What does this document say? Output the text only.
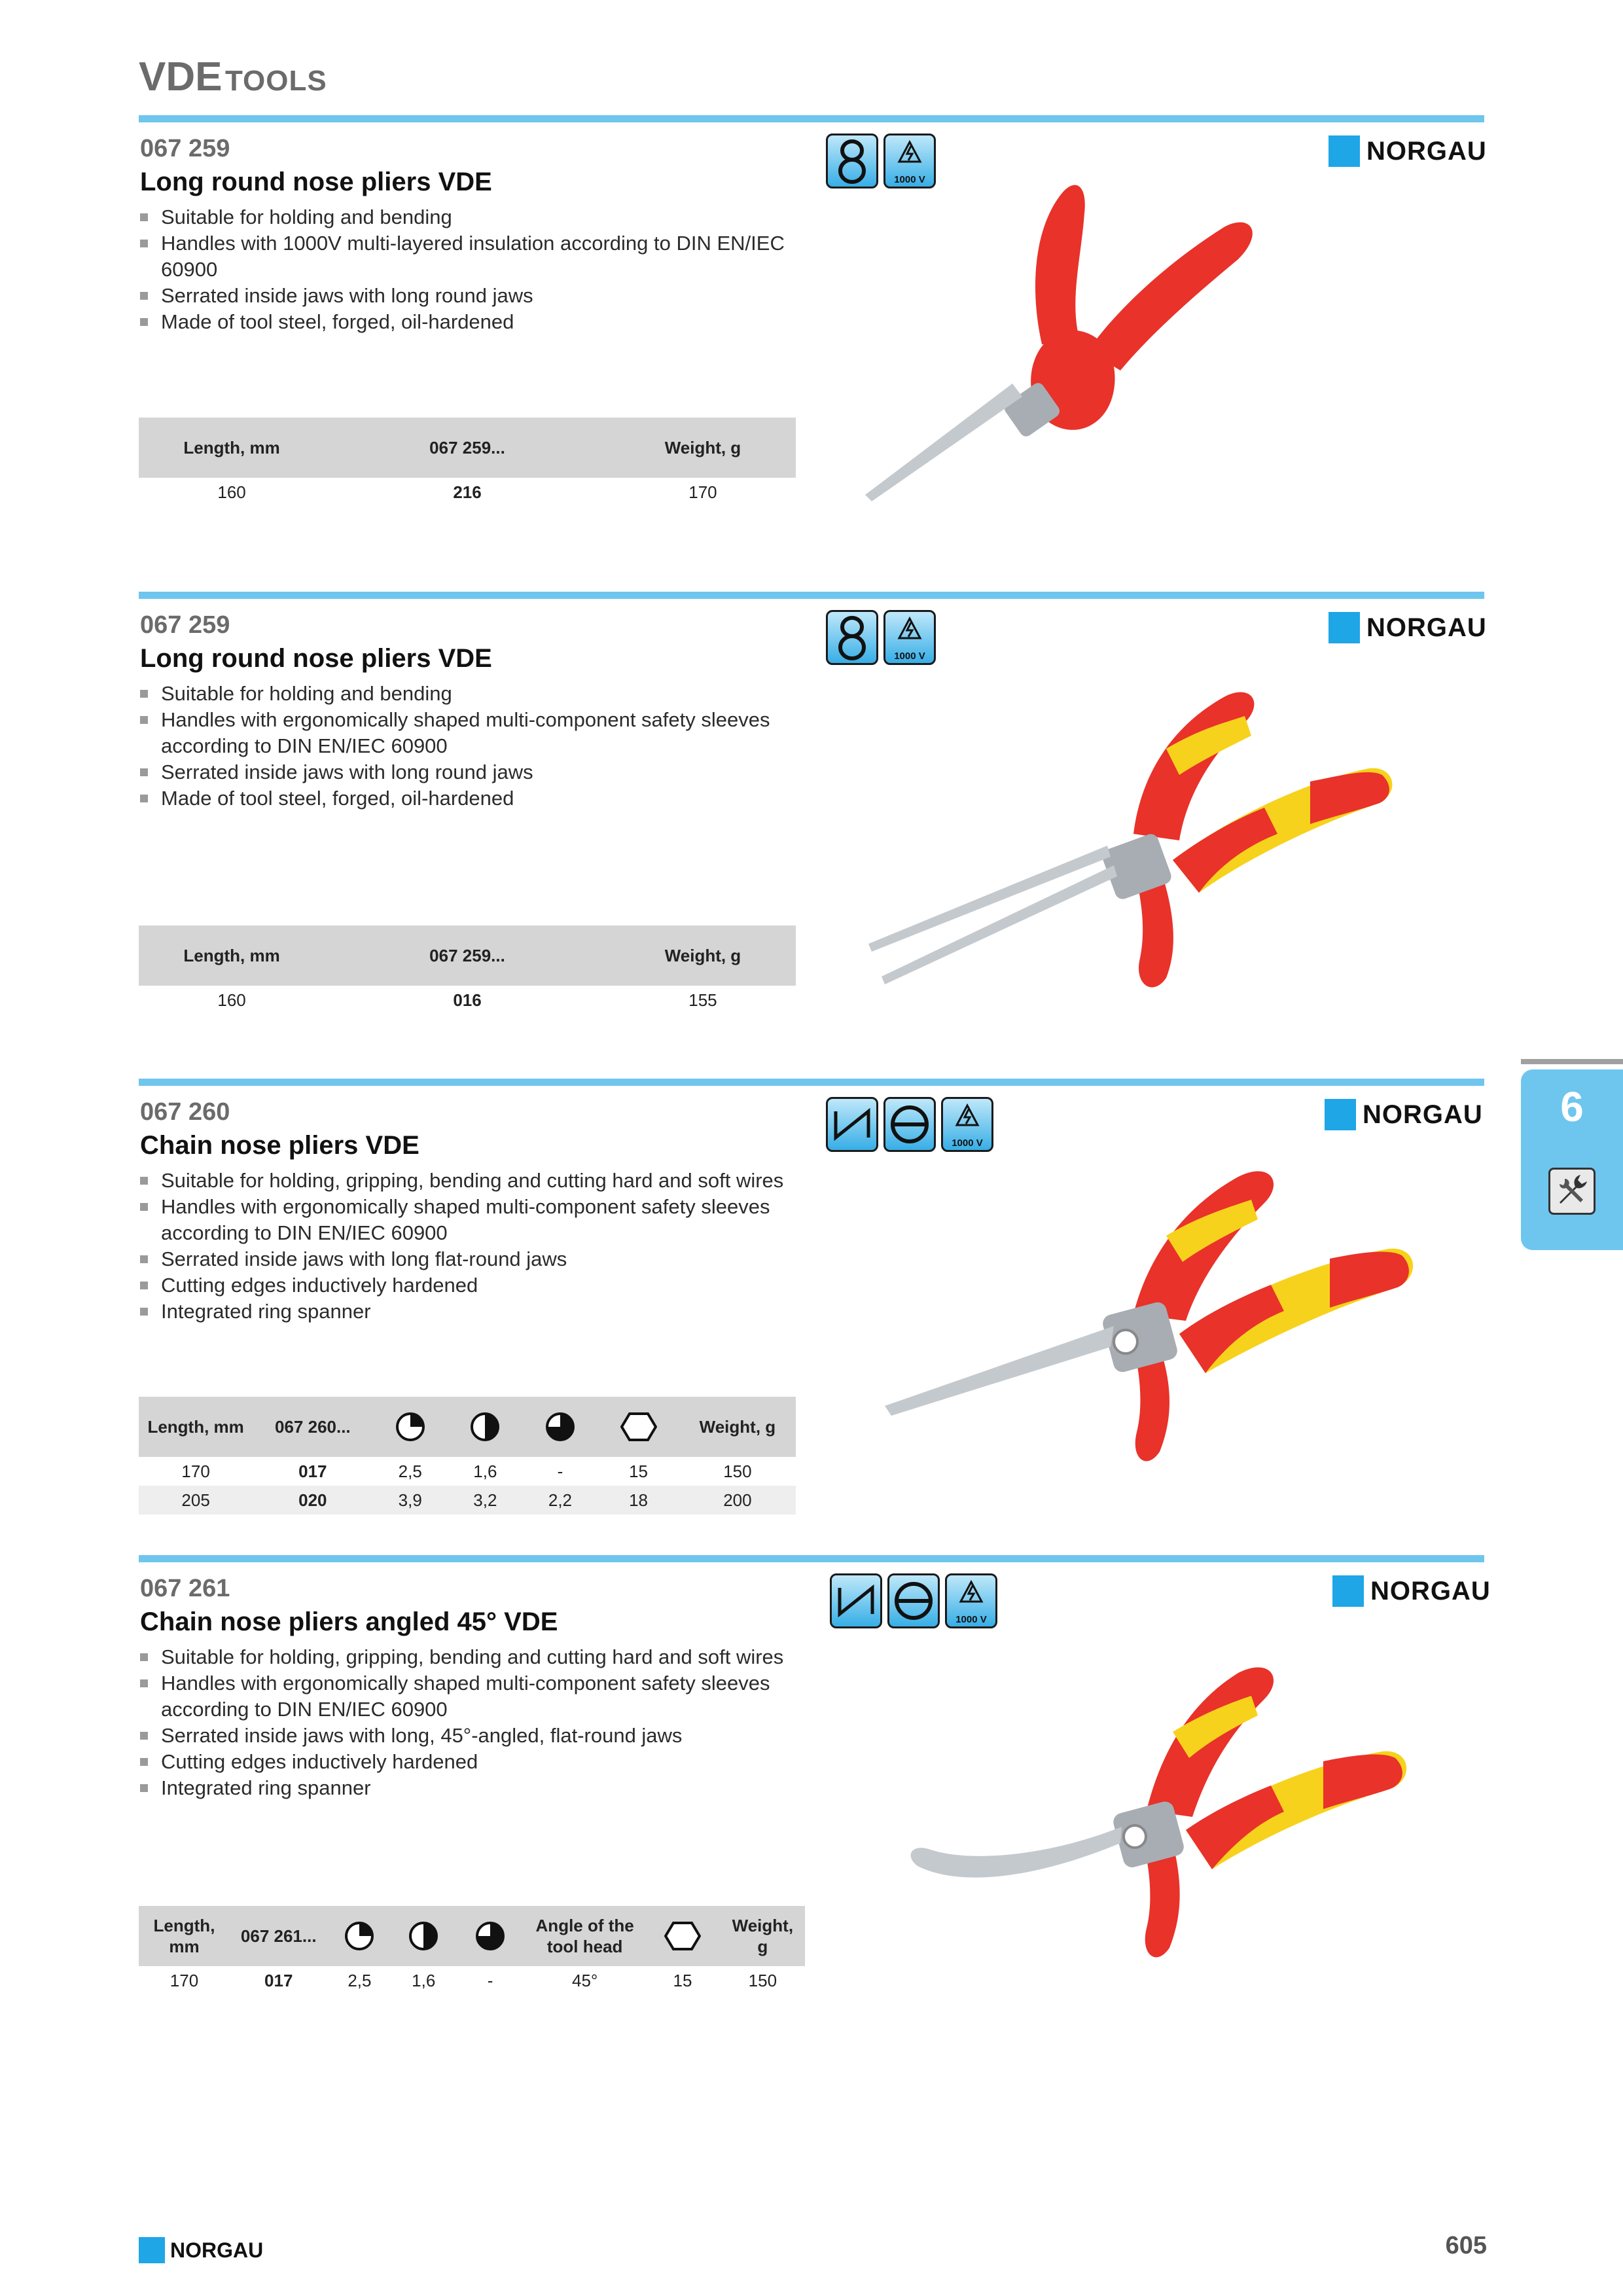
VDE TOOLS
067 259
Long round nose pliers VDE
Suitable for holding and bending
Handles with 1000V multi-layered insulation according to DIN EN/IEC 60900
Serrated inside jaws with long round jaws
Made of tool steel, forged, oil-hardened
1000 V
NORGAU
Length, mm	067 259...	Weight, g
160	216	170
067 259
Long round nose pliers VDE
Suitable for holding and bending
Handles with ergonomically shaped multi-component safety sleeves according to DIN EN/IEC 60900
Serrated inside jaws with long round jaws
Made of tool steel, forged, oil-hardened
1000 V
NORGAU
Length, mm	067 259...	Weight, g
160	016	155
067 260
Chain nose pliers VDE
Suitable for holding, gripping, bending and cutting hard and soft wires
Handles with ergonomically shaped multi-component safety sleeves according to DIN EN/IEC 60900
Serrated inside jaws with long flat-round jaws
Cutting edges inductively hardened
Integrated ring spanner
1000 V
NORGAU
Length, mm	067 260...					Weight, g
170	017	2,5	1,6	-	15	150
205	020	3,9	3,2	2,2	18	200
067 261
Chain nose pliers angled 45° VDE
Suitable for holding, gripping, bending and cutting hard and soft wires
Handles with ergonomically shaped multi-component safety sleeves according to DIN EN/IEC 60900
Serrated inside jaws with long, 45°-angled, flat-round jaws
Cutting edges inductively hardened
Integrated ring spanner
1000 V
NORGAU
Length, mm	067 261...				Angle of the tool head		Weight, g
170	017	2,5	1,6	-	45°	15	150
6
NORGAU	605
